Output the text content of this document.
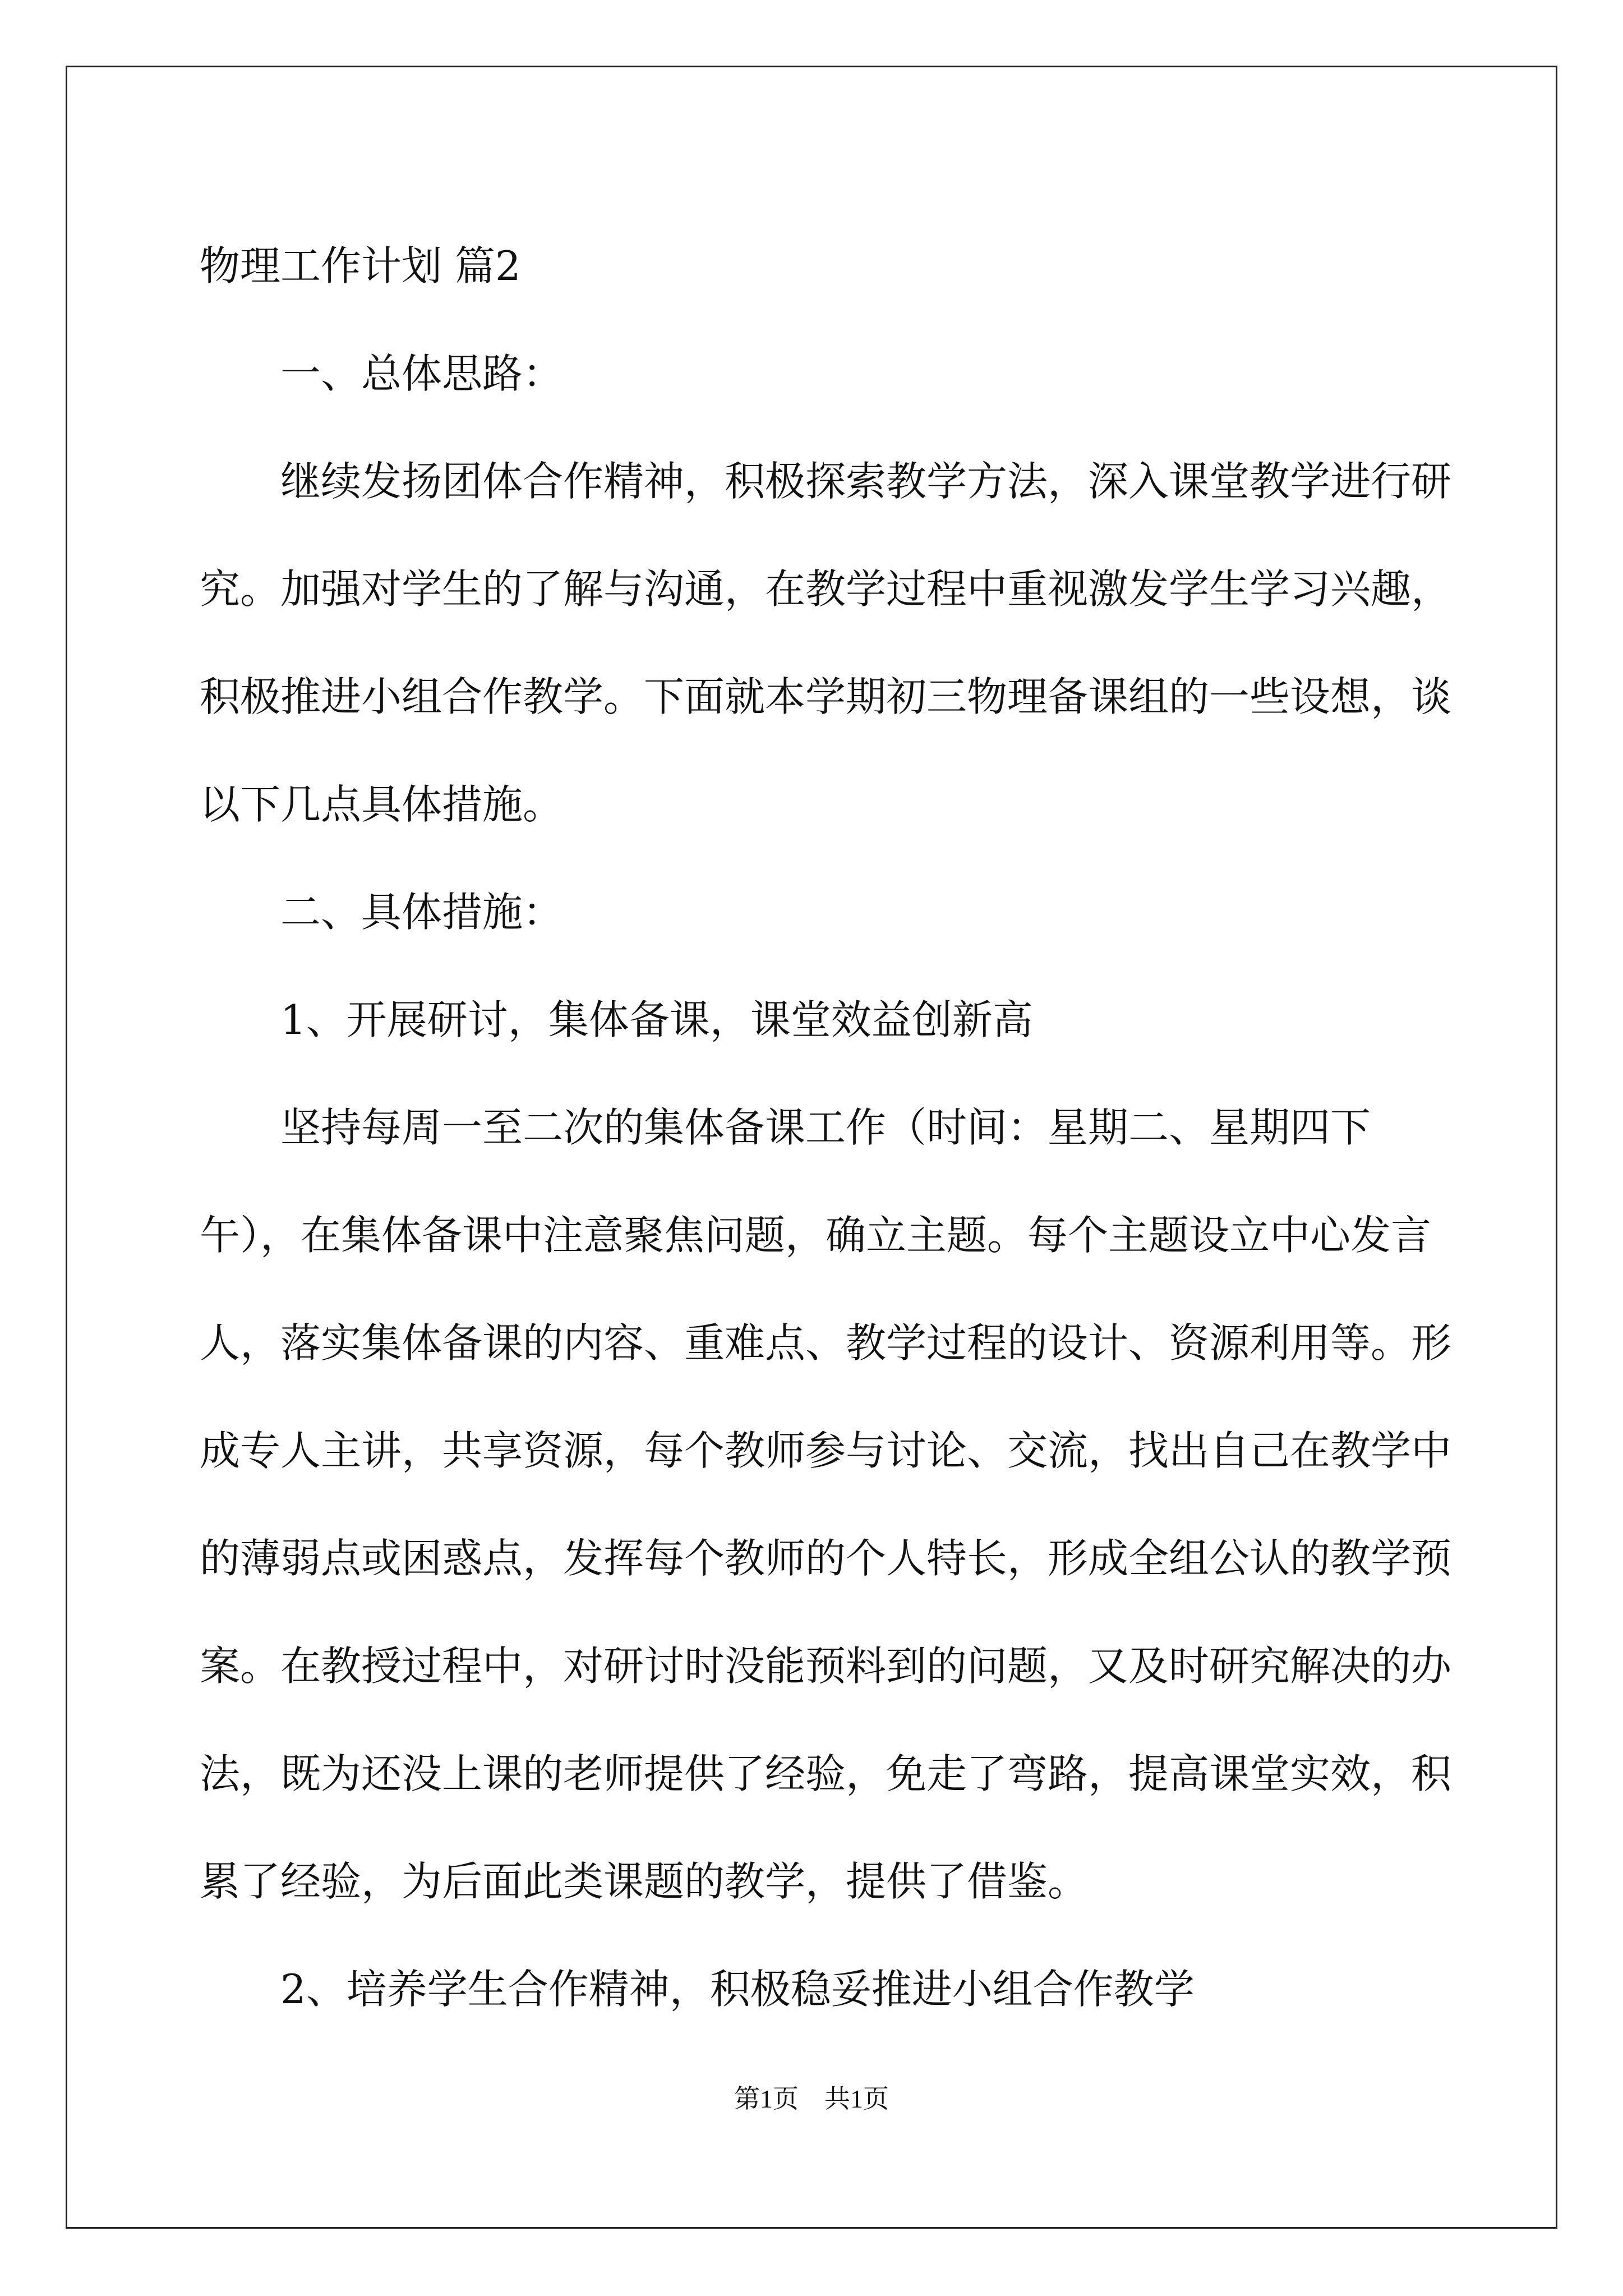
物理工作计划 篇2

一、总体思路：

继续发扬团体合作精神，积极探索教学方法，深入课堂教学进行研究。加强对学生的了解与沟通，在教学过程中重视激发学生学习兴趣，积极推进小组合作教学。下面就本学期初三物理备课组的一些设想，谈以下几点具体措施。

二、具体措施：

1、开展研讨，集体备课，课堂效益创新高

坚持每周一至二次的集体备课工作（时间：星期二、星期四下午），在集体备课中注意聚焦问题，确立主题。每个主题设立中心发言人，落实集体备课的内容、重难点、教学过程的设计、资源利用等。形成专人主讲，共享资源，每个教师参与讨论、交流，找出自己在教学中的薄弱点或困惑点，发挥每个教师的个人特长，形成全组公认的教学预案。在教授过程中，对研讨时没能预料到的问题，又及时研究解决的办法，既为还没上课的老师提供了经验，免走了弯路，提高课堂实效，积累了经验，为后面此类课题的教学，提供了借鉴。

2、培养学生合作精神，积极稳妥推进小组合作教学

第1页　共1页
